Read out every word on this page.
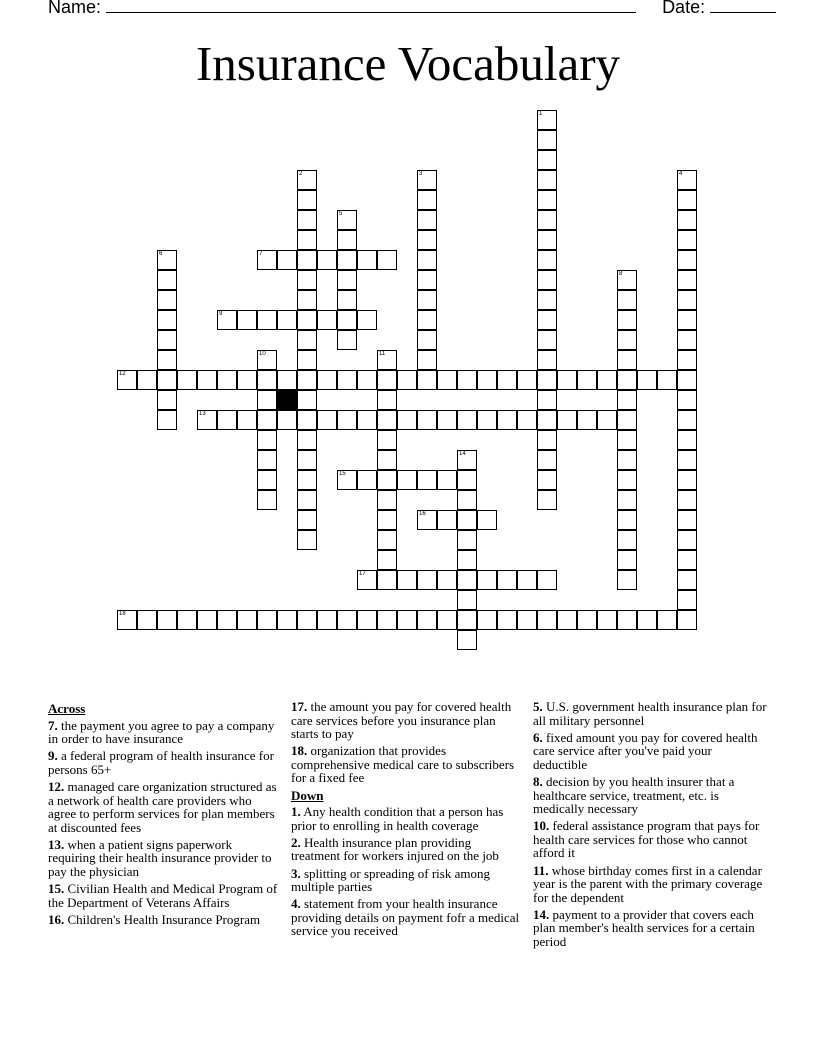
Name:	Date:
Insurance Vocabulary
1
2	3	4
5
6	7
8
9
10	11
12
13
14
15
16
17
18
Across
7. the payment you agree to pay a company in order to have insurance
9. a federal program of health insurance for persons 65+
12. managed care organization structured as a network of health care providers who agree to perform services for plan members at discounted fees
13. when a patient signs paperwork requiring their health insurance provider to pay the physician
15. Civilian Health and Medical Program of the Department of Veterans Affairs
16. Children's Health Insurance Program
17. the amount you pay for covered health care services before you insurance plan starts to pay
18. organization that provides comprehensive medical care to subscribers for a fixed fee
Down
1. Any health condition that a person has prior to enrolling in health coverage
2. Health insurance plan providing treatment for workers injured on the job
3. splitting or spreading of risk among multiple parties
4. statement from your health insurance providing details on payment fofr a medical service you received
5. U.S. government health insurance plan for all military personnel
6. fixed amount you pay for covered health care service after you've paid your deductible
8. decision by you health insurer that a healthcare service, treatment, etc. is medically necessary
10. federal assistance program that pays for health care services for those who cannot afford it
11. whose birthday comes first in a calendar year is the parent with the primary coverage for the dependent
14. payment to a provider that covers each plan member's health services for a certain period
